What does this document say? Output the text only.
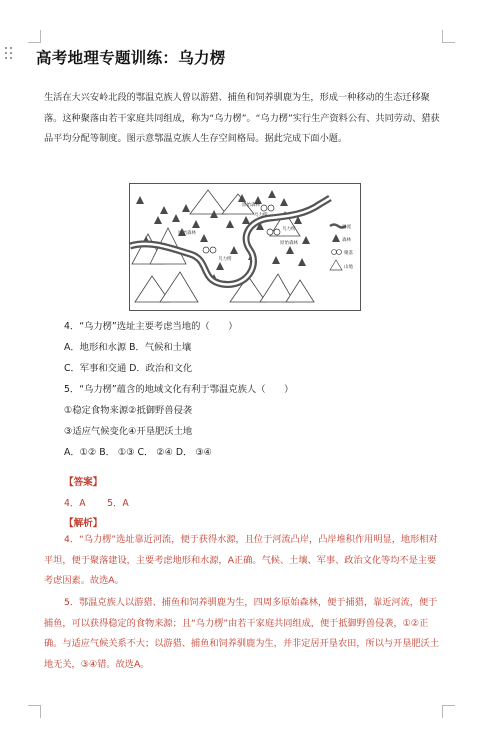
高考地理专题训练：乌力楞
生活在大兴安岭北段的鄂温克族人曾以游猎、捕鱼和饲养驯鹿为生，形成一种移动的生态迁移聚落。这种聚落由若干家庭共同组成，称为“乌力楞”。“乌力楞”实行生产资料公有、共同劳动、猎获品平均分配等制度。图示意鄂温克族人生存空间格局。据此完成下面小题。
原始森林
原始森林
原始森林
乌力楞
乌力楞
乌力楞
河流
森林
聚落
山地
4．“乌力楞”选址主要考虑当地的（　　）
A．地形和水源 B．气候和土壤
C．军事和交通 D．政治和文化
5．“乌力楞”蕴含的地域文化有利于鄂温克族人（　　）
①稳定食物来源②抵御野兽侵袭
③适应气候变化④开垦肥沃土地
A．①② B． ①③ C． ②④ D． ③④
【答案】
4．A　　 5．A
【解析】
4．“乌力楞”选址靠近河流，便于获得水源，且位于河流凸岸，凸岸堆积作用明显，地形相对平坦，便于聚落建设，主要考虑地形和水源，A正确。气候、土壤、军事、政治文化等均不是主要考虑因素。故选A。
5．鄂温克族人以游猎、捕鱼和饲养驯鹿为生，四周多原始森林，便于捕猎，靠近河流，便于捕鱼，可以获得稳定的食物来源；且“乌力楞”由若干家庭共同组成，便于抵御野兽侵袭，①②正确。与适应气候关系不大；以游猎、捕鱼和饲养驯鹿为生，并非定居开垦农田，所以与开垦肥沃土地无关，③④错。故选A。
